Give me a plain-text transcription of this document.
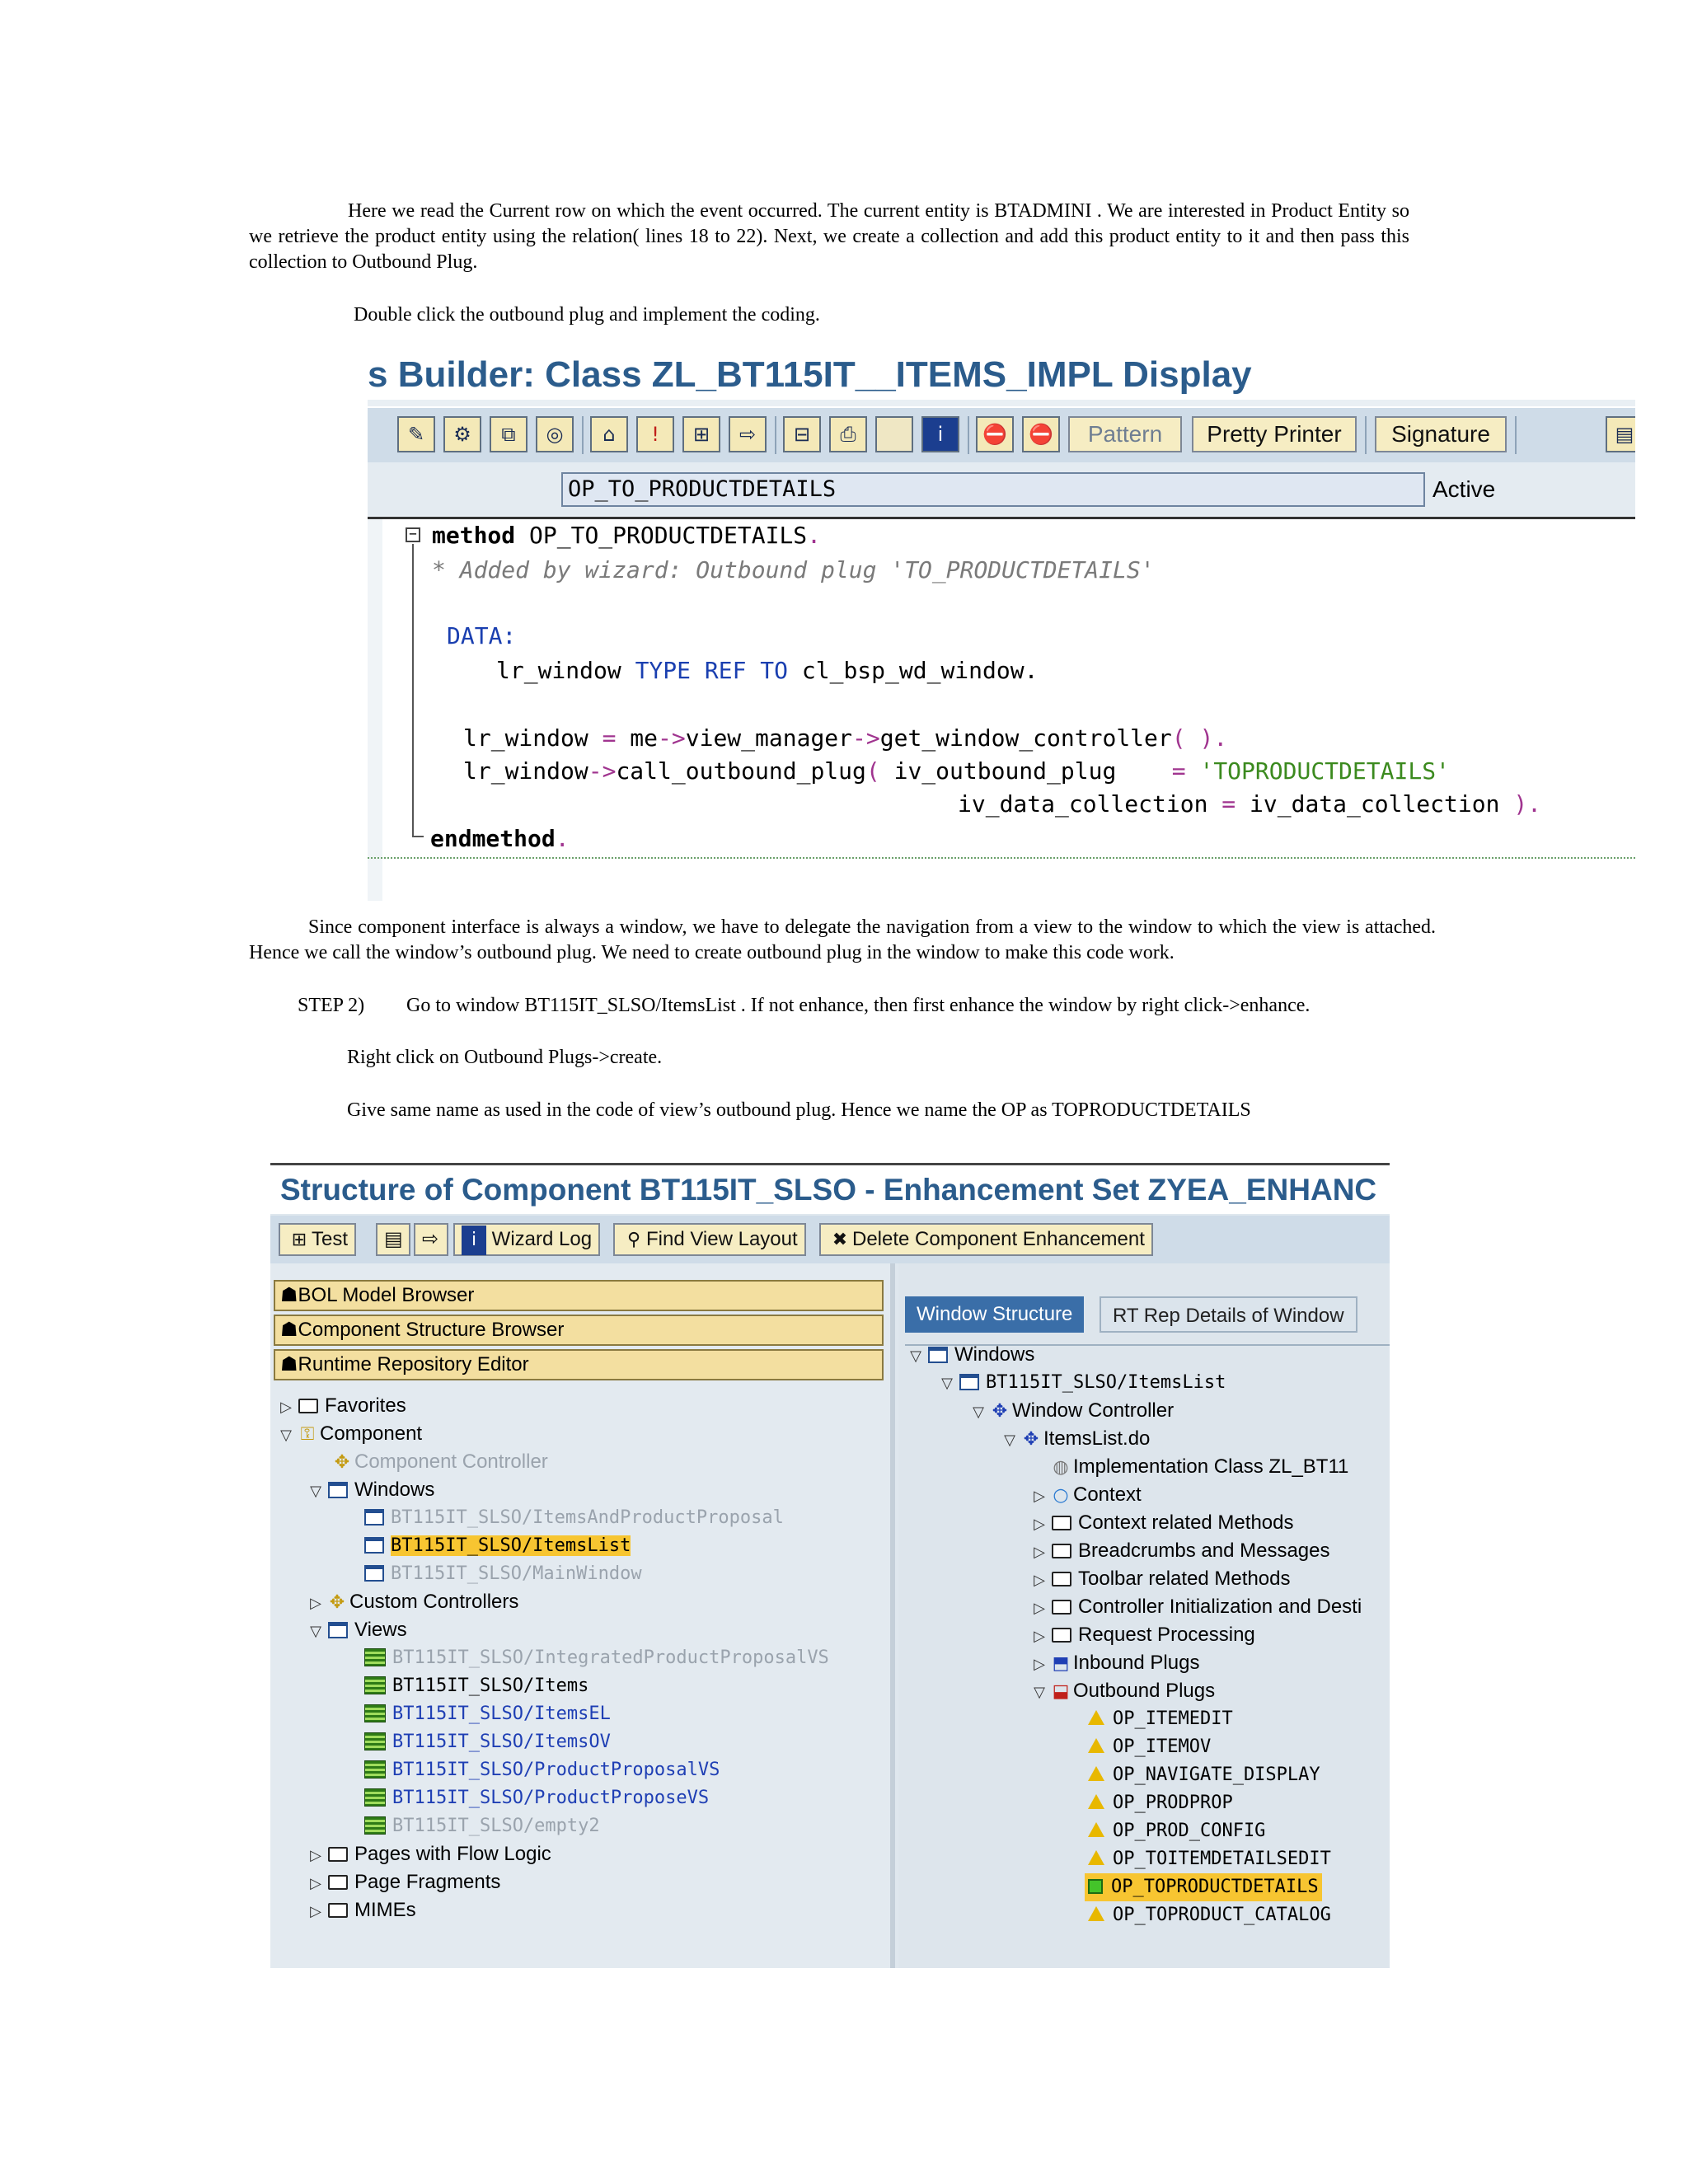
Here we read the Current row on which the event occurred. The current entity is BTADMINI . We are interested in Product Entity so we retrieve the product entity using the relation( lines 18 to 22). Next, we create a collection and add this product entity to it and then pass this collection to Outbound Plug.

Double click the outbound plug and implement the coding.

s Builder: Class ZL_BT115IT__ITEMS_IMPL Display
✎	⚙	⧉	◎	⌂	!	⊞	⇨	⊟	⎙	i	⛔	⛔	Pattern	Pretty Printer	Signature	▤
OP_TO_PRODUCTDETAILS	Active
− method OP_TO_PRODUCTDETAILS.
* Added by wizard: Outbound plug 'TO_PRODUCTDETAILS'
DATA:
lr_window TYPE REF TO cl_bsp_wd_window.
lr_window = me->view_manager->get_window_controller( ).
lr_window->call_outbound_plug( iv_outbound_plug    = 'TOPRODUCTDETAILS'
iv_data_collection = iv_data_collection ).
endmethod.

Since component interface is always a window, we have to delegate the navigation from a view to the window to which the view is attached. Hence we call the window’s outbound plug. We need to create outbound plug in the window to make this code work.

STEP 2) Go to window BT115IT_SLSO/ItemsList . If not enhance, then first enhance the window by right click->enhance.

Right click on Outbound Plugs->create.

Give same name as used in the code of view’s outbound plug. Hence we name the OP as TOPRODUCTDETAILS

Structure of Component BT115IT_SLSO - Enhancement Set ZYEA_ENHANC
⊞ Test	▤ ⇨	i Wizard Log	⚲ Find View Layout	✖ Delete Component Enhancement
☗BOL Model Browser
☗Component Structure Browser
☗Runtime Repository Editor
▷ Favorites
▽ ⚿ Component
✥ Component Controller
▽ Windows
BT115IT_SLSO/ItemsAndProductProposal
BT115IT_SLSO/ItemsList
BT115IT_SLSO/MainWindow
▷ ✥ Custom Controllers
▽ Views
BT115IT_SLSO/IntegratedProductProposalVS
BT115IT_SLSO/Items
BT115IT_SLSO/ItemsEL
BT115IT_SLSO/ItemsOV
BT115IT_SLSO/ProductProposalVS
BT115IT_SLSO/ProductProposeVS
BT115IT_SLSO/empty2
▷ Pages with Flow Logic
▷ Page Fragments
▷ MIMEs
Window Structure	RT Rep Details of Window
▽ Windows
▽ BT115IT_SLSO/ItemsList
▽ ✥ Window Controller
▽ ✥ ItemsList.do
◍ Implementation Class ZL_BT11
▷ ○ Context
▷ Context related Methods
▷ Breadcrumbs and Messages
▷ Toolbar related Methods
▷ Controller Initialization and Desti
▷ Request Processing
▷ ⬒ Inbound Plugs
▽ ⬓ Outbound Plugs
OP_ITEMEDIT
OP_ITEMOV
OP_NAVIGATE_DISPLAY
OP_PRODPROP
OP_PROD_CONFIG
OP_TOITEMDETAILSEDIT
OP_TOPRODUCTDETAILS
OP_TOPRODUCT_CATALOG
